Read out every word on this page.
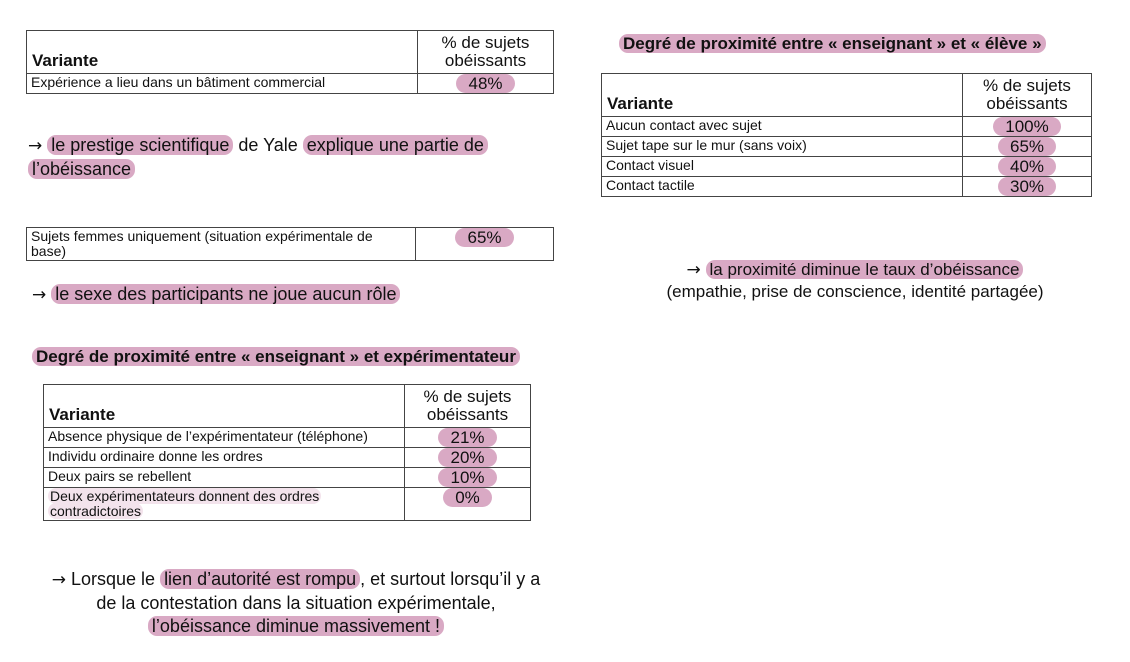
Variante	% de sujets obéissants
Expérience a lieu dans un bâtiment commercial	48%
→ le prestige scientifique de Yale explique une partie de l’obéissance
Sujets femmes uniquement (situation expérimentale de base)	65%
→ le sexe des participants ne joue aucun rôle
Degré de proximité entre « enseignant » et expérimentateur
Variante	% de sujets obéissants
Absence physique de l’expérimentateur (téléphone)	21%
Individu ordinaire donne les ordres	20%
Deux pairs se rebellent	10%
Deux expérimentateurs donnent des ordres contradictoires	0%
→ Lorsque le lien d’autorité est rompu , et surtout lorsqu’il y a de la contestation dans la situation expérimentale,
l’obéissance diminue massivement !
Degré de proximité entre « enseignant » et « élève »
Variante	% de sujets obéissants
Aucun contact avec sujet	100%
Sujet tape sur le mur (sans voix)	65%
Contact visuel	40%
Contact tactile	30%
→ la proximité diminue le taux d’obéissance
(empathie, prise de conscience, identité partagée)
